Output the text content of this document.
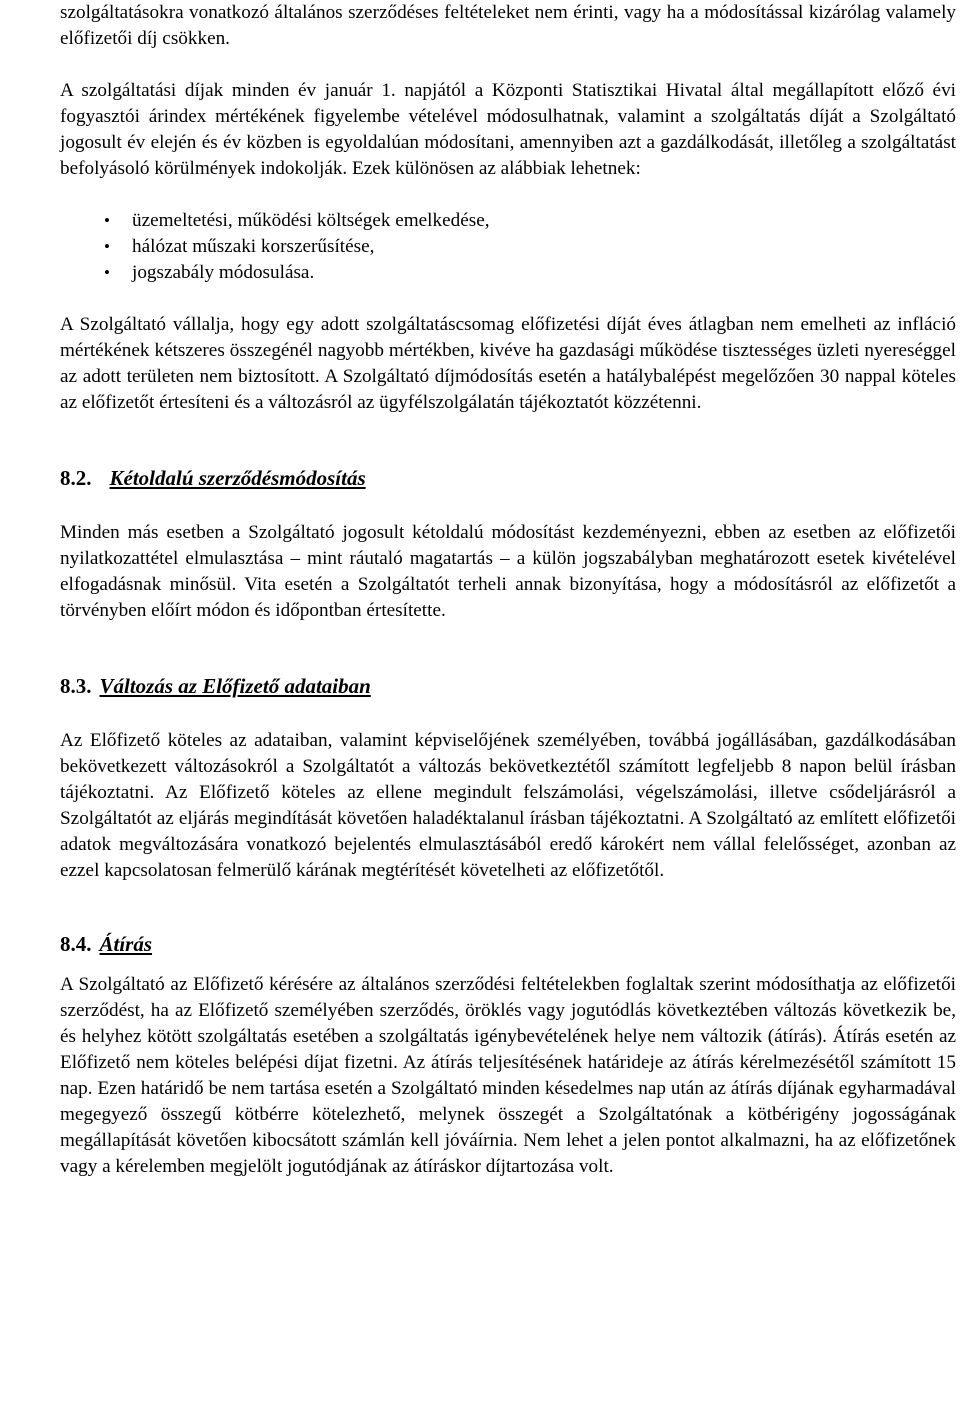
szolgáltatásokra vonatkozó általános szerződéses feltételeket nem érinti, vagy ha a módosítással kizárólag valamely előfizetői díj csökken.

A szolgáltatási díjak minden év január 1. napjától a Központi Statisztikai Hivatal által megállapított előző évi fogyasztói árindex mértékének figyelembe vételével módosulhatnak, valamint a szolgáltatás díját a Szolgáltató jogosult év elején és év közben is egyoldalúan módosítani, amennyiben azt a gazdálkodását, illetőleg a szolgáltatást befolyásoló körülmények indokolják. Ezek különösen az alábbiak lehetnek:

• üzemeltetési, működési költségek emelkedése,
• hálózat műszaki korszerűsítése,
• jogszabály módosulása.

A Szolgáltató vállalja, hogy egy adott szolgáltatáscsomag előfizetési díját éves átlagban nem emelheti az infláció mértékének kétszeres összegénél nagyobb mértékben, kivéve ha gazdasági működése tisztességes üzleti nyereséggel az adott területen nem biztosított. A Szolgáltató díjmódosítás esetén a hatálybalépést megelőzően 30 nappal köteles az előfizetőt értesíteni és a változásról az ügyfélszolgálatán tájékoztatót közzétenni.

8.2. Kétoldalú szerződésmódosítás

Minden más esetben a Szolgáltató jogosult kétoldalú módosítást kezdeményezni, ebben az esetben az előfizetői nyilatkozattétel elmulasztása – mint ráutaló magatartás – a külön jogszabályban meghatározott esetek kivételével elfogadásnak minősül. Vita esetén a Szolgáltatót terheli annak bizonyítása, hogy a módosításról az előfizetőt a törvényben előírt módon és időpontban értesítette.

8.3. Változás az Előfizető adataiban

Az Előfizető köteles az adataiban, valamint képviselőjének személyében, továbbá jogállásában, gazdálkodásában bekövetkezett változásokról a Szolgáltatót a változás bekövetkeztétől számított legfeljebb 8 napon belül írásban tájékoztatni. Az Előfizető köteles az ellene megindult felszámolási, végelszámolási, illetve csődeljárásról a Szolgáltatót az eljárás megindítását követően haladéktalanul írásban tájékoztatni. A Szolgáltató az említett előfizetői adatok megváltozására vonatkozó bejelentés elmulasztásából eredő károkért nem vállal felelősséget, azonban az ezzel kapcsolatosan felmerülő kárának megtérítését követelheti az előfizetőtől.

8.4. Átírás

A Szolgáltató az Előfizető kérésére az általános szerződési feltételekben foglaltak szerint módosíthatja az előfizetői szerződést, ha az Előfizető személyében szerződés, öröklés vagy jogutódlás következtében változás következik be, és helyhez kötött szolgáltatás esetében a szolgáltatás igénybevételének helye nem változik (átírás). Átírás esetén az Előfizető nem köteles belépési díjat fizetni. Az átírás teljesítésének határideje az átírás kérelmezésétől számított 15 nap. Ezen határidő be nem tartása esetén a Szolgáltató minden késedelmes nap után az átírás díjának egyharmadával megegyező összegű kötbérre kötelezhető, melynek összegét a Szolgáltatónak a kötbérigény jogosságának megállapítását követően kibocsátott számlán kell jóváírnia. Nem lehet a jelen pontot alkalmazni, ha az előfizetőnek vagy a kérelemben megjelölt jogutódjának az átíráskor díjtartozása volt.
